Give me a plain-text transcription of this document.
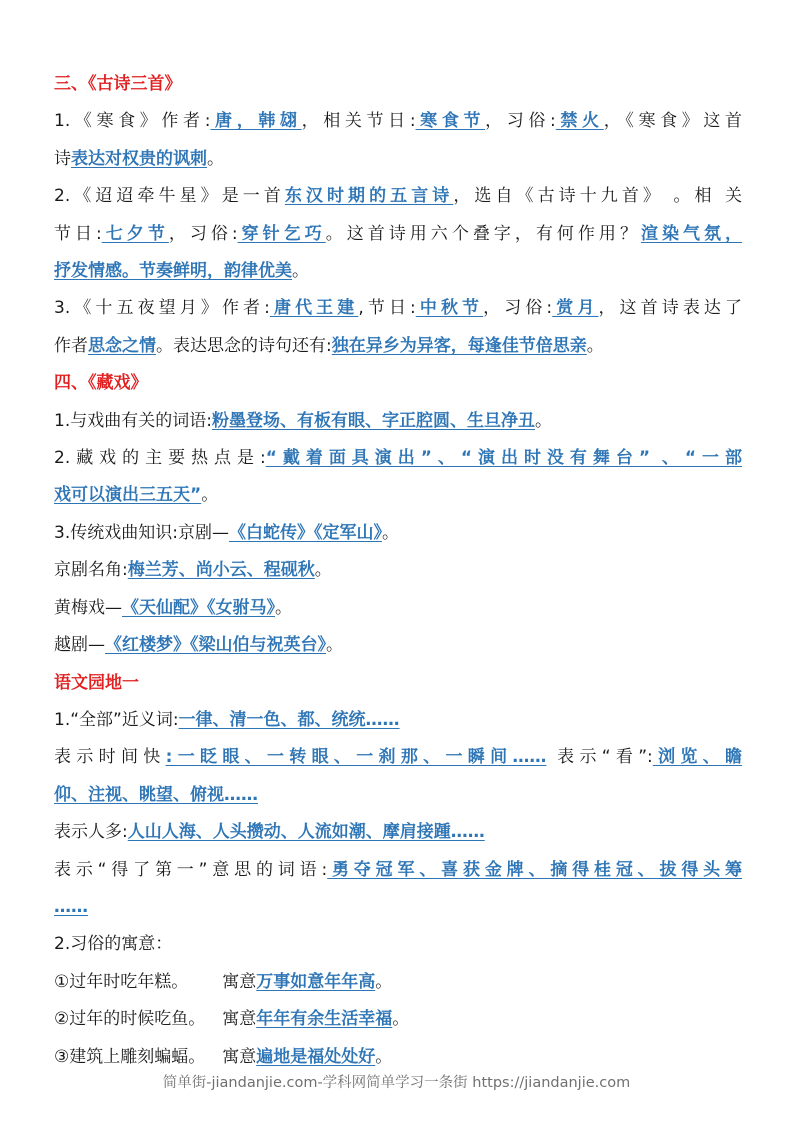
三、《古诗三首》
1.《寒食》作者:唐，韩翃，相关节日:寒食节，习俗:禁火，《寒食》这首
诗表达对权贵的讽刺。
2.《迢迢牵牛星》是一首东汉时期的五言诗，选自《古诗十九首》 。相 关
节日:七夕节，习俗:穿针乞巧。这首诗用六个叠字，有何作用？渲染气氛，
抒发情感。节奏鲜明，韵律优美。
3.《十五夜望月》作者:唐代王建,节日:中秋节，习俗:赏月，这首诗表达了
作者思念之情。表达思念的诗句还有:独在异乡为异客，每逢佳节倍思亲。
四、《藏戏》
1.与戏曲有关的词语:粉墨登场、有板有眼、字正腔圆、生旦净丑。
2.藏戏的主要热点是:“戴着面具演出”、“演出时没有舞台” 、“一部
戏可以演出三五天”。
3.传统戏曲知识:京剧—《白蛇传》《定军山》。
京剧名角:梅兰芳、尚小云、程砚秋。
黄梅戏—《天仙配》《女驸马》。
越剧—《红楼梦》《梁山伯与祝英台》。
语文园地一
1.“全部”近义词:一律、清一色、都、统统……
表示时间快:一眨眼、一转眼、一刹那、一瞬间…… 表示“看”:浏览、瞻
仰、注视、眺望、俯视……
表示人多:人山人海、人头攒动、人流如潮、摩肩接踵……
表示“得了第一”意思的词语:勇夺冠军、喜获金牌、摘得桂冠、拔得头筹
……
2.习俗的寓意：
①过年时吃年糕。 寓意万事如意年年高。
②过年的时候吃鱼。 寓意年年有余生活幸福。
③建筑上雕刻蝙蝠。 寓意遍地是福处处好。
简单街-jiandanjie.com-学科网简单学习一条街 https://jiandanjie.com
